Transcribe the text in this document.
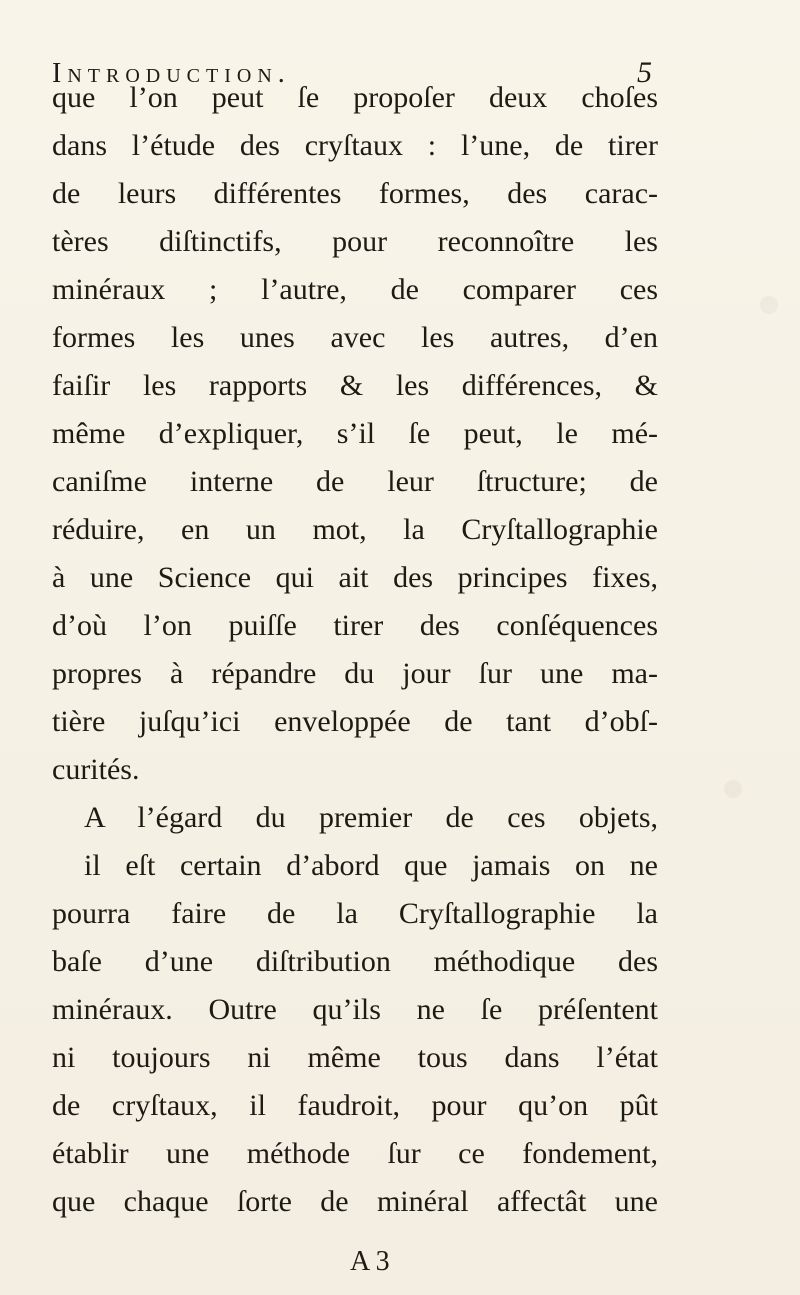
Introduction.	5
que l’on peut ſe propoſer deux choſes
dans l’étude des cryſtaux : l’une, de tirer
de leurs différentes formes, des carac-
tères diſtinctifs, pour reconnoître les
minéraux ; l’autre, de comparer ces
formes les unes avec les autres, d’en
faiſir les rapports & les différences, &
même d’expliquer, s’il ſe peut, le mé-
caniſme interne de leur ſtructure; de
réduire, en un mot, la Cryſtallographie
à une Science qui ait des principes fixes,
d’où l’on puiſſe tirer des conſéquences
propres à répandre du jour ſur une ma-
tière juſqu’ici enveloppée de tant d’obſ-
curités.
A l’égard du premier de ces objets,
il eſt certain d’abord que jamais on ne
pourra faire de la Cryſtallographie la
baſe d’une diſtribution méthodique des
minéraux. Outre qu’ils ne ſe préſentent
ni toujours ni même tous dans l’état
de cryſtaux, il faudroit, pour qu’on pût
établir une méthode ſur ce fondement,
que chaque ſorte de minéral affectât une
A 3
